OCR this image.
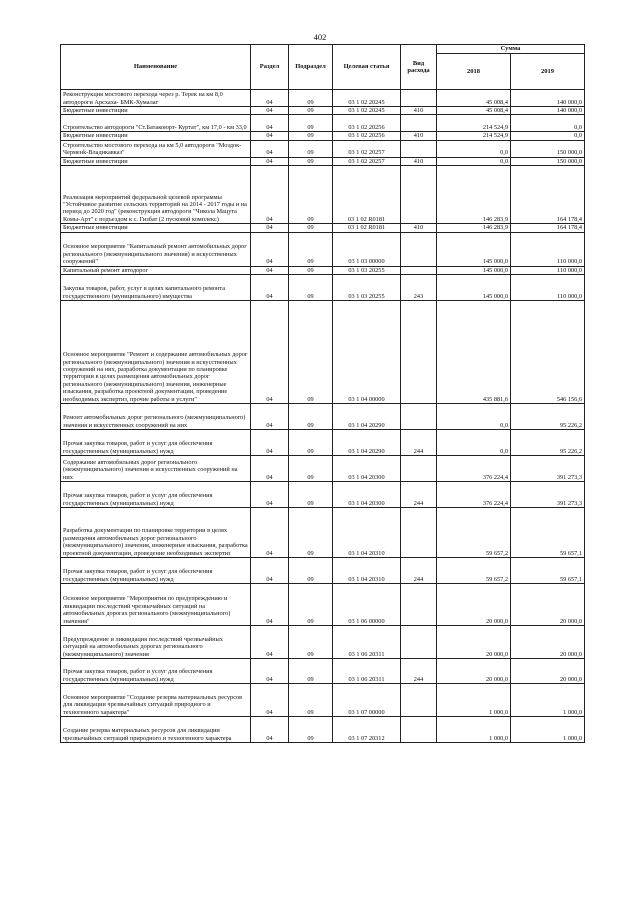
402
Наименование	Раздел	Подраздел	Целевая статья	Вид расхода	Сумма	
					2018	2019
Реконструкция мостового перехода через р. Терек на км 8,0 автодороги Арсхаха- БМК-Хумалаг	04	09	03 1 02 20245		45 008,4	140 000,0
Бюджетные инвестиции	04	09	03 1 02 20245	410	45 008,4	140 000,0
Строительство автодороги "Ст.Батакоюрт- Куртат", км 17,0 - км 33,0	04	09	03 1 02 20256		214 524,9	0,0
Бюджетные инвестиции	04	09	03 1 02 20256	410	214 524,9	0,0
Строительство мостового перехода на км 5,0 автодороги "Моздок-Черменk-Владикавказ"	04	09	03 1 02 20257		0,0	150 000,0
Бюджетные инвестиции	04	09	03 1 02 20257	410	0,0	150 000,0
Реализация мероприятий федеральной целевой программы "Устойчивое развитие сельских территорий на 2014 - 2017 годы и на период до 2020 год" (реконструкция автодороги "Чикола Мацута Комы-Арт" с подъездом к с. Гизбат (2 пусковой комплекс)	04	09	03 1 02 R0181		146 283,9	164 178,4
Бюджетные инвестиции	04	09	03 1 02 R0181	410	146 283,9	164 178,4
Основное мероприятие "Капитальный ремонт автомобильных дорог регионального (межмуниципального значения) и искусственных сооружений"	04	09	03 1 03 00000		145 000,0	110 000,0
Капитальный ремонт автодорог	04	09	03 1 03 20255		145 000,0	110 000,0
Закупка товаров, работ, услуг в целях капитального ремонта государственного (муниципального) имущества	04	09	03 1 03 20255	243	145 000,0	110 000,0
Основное мероприятие "Ремонт и содержание автомобильных дорог регионального (межмуниципального) значения и искусственных сооружений на них, разработка документации по планировке территории в целях размещения автомобильных дорог регионального (межмуниципального) значения, инженерные изыскания, разработка проектной документации, проведение необходимых экспертиз, прочие работы и услуги"	04	09	03 1 04 00000		435 881,6	546 156,6
Ремонт автомобильных дорог регионального (межмуниципального) значения и искусственных сооружений на них	04	09	03 1 04 20290		0,0	95 226,2
Прочая закупка товаров, работ и услуг для обеспечения государственных (муниципальных) нужд	04	09	03 1 04 20290	244	0,0	95 226,2
Содержание автомобильных дорог регионального (межмуниципального) значения и искусственных сооружений на них	04	09	03 1 04 20300		376 224,4	391 273,3
Прочая закупка товаров, работ и услуг для обеспечения государственных (муниципальных) нужд	04	09	03 1 04 20300	244	376 224,4	391 273,3
Разработка документации по планировке территории в целях размещения автомобильных дорог регионального (межмуниципального) значения, инженерные изыскания, разработка проектной документации, проведение необходимых экспертиз	04	09	03 1 04 20310		59 657,2	59 657,1
Прочая закупка товаров, работ и услуг для обеспечения государственных (муниципальных) нужд	04	09	03 1 04 20310	244	59 657,2	59 657,1
Основное мероприятие "Мероприятия по предупреждению и ликвидации последствий чрезвычайных ситуаций на автомобильных дорогах регионального (межмуниципального) значения"	04	09	03 1 06 00000		20 000,0	20 000,0
Предупреждение и ликвидация последствий чрезвычайных ситуаций на автомобильных дорогах регионального (межмуниципального) значения	04	09	03 1 06 20311		20 000,0	20 000,0
Прочая закупка товаров, работ и услуг для обеспечения государственных (муниципальных) нужд	04	09	03 1 06 20311	244	20 000,0	20 000,0
Основное мероприятие "Создание резерва материальных ресурсов для ликвидации чрезвычайных ситуаций природного и техногенного характера"	04	09	03 1 07 00000		1 000,0	1 000,0
Создание резерва материальных ресурсов для ликвидации чрезвычайных ситуаций природного и техногенного характера	04	09	03 1 07 20312		1 000,0	1 000,0
